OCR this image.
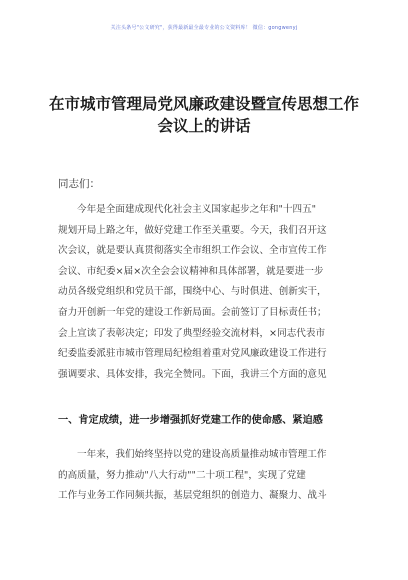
关注头条号"公文研究"，获得最新最全最专业的公文资料库！ 微信：gongwenyj
在市城市管理局党风廉政建设暨宣传思想工作
会议上的讲话
同志们：
今年是全面建成现代化社会主义国家起步之年和"十四五"
规划开局上路之年，做好党建工作至关重要。今天，我们召开这
次会议，就是要认真贯彻落实全市组织工作会议、全市宣传工作
会议、市纪委×届×次全会会议精神和具体部署，就是要进一步
动员各级党组织和党员干部，围绕中心、与时俱进、创新实干，
奋力开创新一年党的建设工作新局面。会前签订了目标责任书；
会上宣读了表彰决定；印发了典型经验交流材料，×同志代表市
纪委监委派驻市城市管理局纪检组着重对党风廉政建设工作进行
强调要求、具体安排，我完全赞同。下面，我讲三个方面的意见
一、肯定成绩，进一步增强抓好党建工作的使命感、紧迫感
一年来，我们始终坚持以党的建设高质量推动城市管理工作
的高质量，努力推动"八大行动""二十项工程"，实现了党建
工作与业务工作同频共振，基层党组织的创造力、凝聚力、战斗
